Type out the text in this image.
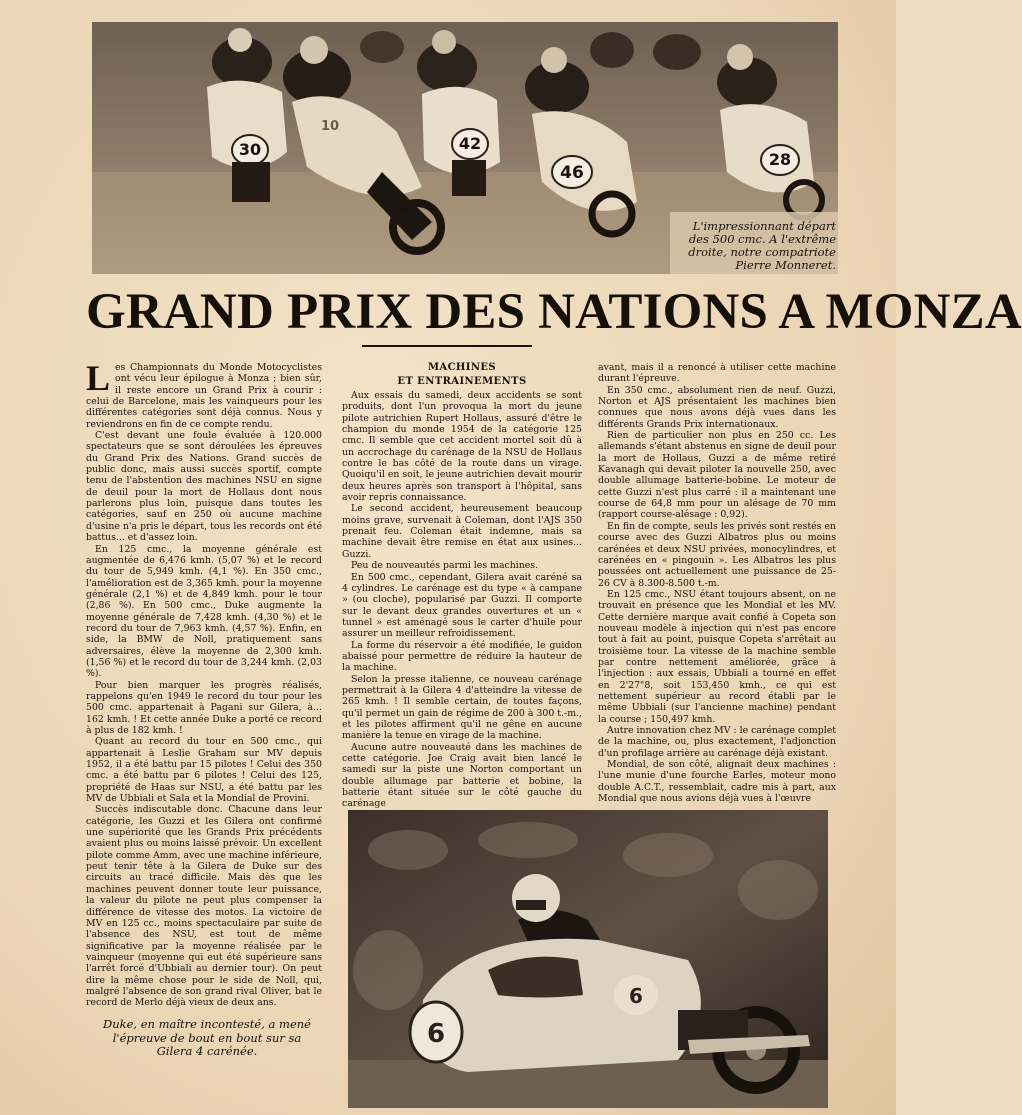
30
10
42
46
28
L'impressionnant départ des 500 cmc. A l'extrême droite, notre compatriote Pierre Monneret.
GRAND PRIX DES NATIONS A MONZA
L es Championnats du Monde Motocyclistes ont vécu leur épilogue à Monza ; bien sûr, il reste encore un Grand Prix à courir : celui de Barcelone, mais les vainqueurs pour les différentes catégories sont déjà connus. Nous y reviendrons en fin de ce compte rendu.

C'est devant une foule évaluée à 120.000 spectateurs que se sont déroulées les épreuves du Grand Prix des Nations. Grand succès de public donc, mais aussi succès sportif, compte tenu de l'abstention des machines NSU en signe de deuil pour la mort de Hollaus dont nous parlerons plus loin, puisque dans toutes les catégories, sauf en 250 où aucune machine d'usine n'a pris le départ, tous les records ont été battus... et d'assez loin.

En 125 cmc., la moyenne générale est augmentée de 6,476 kmh. (5,07 %) et le record du tour de 5,949 kmh. (4,1 %). En 350 cmc., l'amélioration est de 3,365 kmh. pour la moyenne générale (2,1 %) et de 4,849 kmh. pour le tour (2,86 %). En 500 cmc., Duke augmente la moyenne générale de 7,428 kmh. (4,30 %) et le record du tour de 7,963 kmh. (4,57 %). Enfin, en side, la BMW de Noll, pratiquement sans adversaires, élève la moyenne de 2,300 kmh. (1,56 %) et le record du tour de 3,244 kmh. (2,03 %).

Pour bien marquer les progrès réalisés, rappelons qu'en 1949 le record du tour pour les 500 cmc. appartenait à Pagani sur Gilera, à... 162 kmh. ! Et cette année Duke a porté ce record à plus de 182 kmh. !

Quant au record du tour en 500 cmc., qui appartenait à Leslie Graham sur MV depuis 1952, il a été battu par 15 pilotes ! Celui des 350 cmc. a été battu par 6 pilotes ! Celui des 125, propriété de Haas sur NSU, a été battu par les MV de Ubbiali et Sala et la Mondial de Provini.

Succès indiscutable donc. Chacune dans leur catégorie, les Guzzi et les Gilera ont confirmé une supériorité que les Grands Prix précédents avaient plus ou moins laissé prévoir. Un excellent pilote comme Amm, avec une machine inférieure, peut tenir tête à la Gilera de Duke sur des circuits au tracé difficile. Mais dès que les machines peuvent donner toute leur puissance, la valeur du pilote ne peut plus compenser la différence de vitesse des motos. La victoire de MV en 125 cc., moins spectaculaire par suite de l'absence des NSU, est tout de même significative par la moyenne réalisée par le vainqueur (moyenne qui eut été supérieure sans l'arrêt forcé d'Ubbiali au dernier tour). On peut dire la même chose pour le side de Noll, qui, malgré l'absence de son grand rival Oliver, bat le record de Merlo déjà vieux de deux ans.

MACHINES
ET ENTRAINEMENTS

Aux essais du samedi, deux accidents se sont produits, dont l'un provoqua la mort du jeune pilote autrichien Rupert Hollaus, assuré d'être le champion du monde 1954 de la catégorie 125 cmc. Il semble que cet accident mortel soit dû à un accrochage du carénage de la NSU de Hollaus contre le bas côté de la route dans un virage. Quoiqu'il en soit, le jeune autrichien devait mourir deux heures après son transport à l'hôpital, sans avoir repris connaissance.

Le second accident, heureusement beaucoup moins grave, survenait à Coleman, dont l'AJS 350 prenait feu. Coleman était indemne, mais sa machine devait être remise en état aux usines... Guzzi.

Peu de nouveautés parmi les machines.

En 500 cmc., cependant, Gilera avait caréné sa 4 cylindres. Le carénage est du type « à campane » (ou cloche), popularisé par Guzzi. Il comporte sur le devant deux grandes ouvertures et un « tunnel » est aménagé sous le carter d'huile pour assurer un meilleur refroidissement.

La forme du réservoir a été modifiée, le guidon abaissé pour permettre de réduire la hauteur de la machine.

Selon la presse italienne, ce nouveau carénage permettrait à la Gilera 4 d'atteindre la vitesse de 265 kmh. ! Il semble certain, de toutes façons, qu'il permet un gain de régime de 200 à 300 t.-m., et les pilotes affirment qu'il ne gêne en aucune manière la tenue en virage de la machine.

Aucune autre nouveauté dans les machines de cette catégorie. Joe Craig avait bien lancé le samedi sur la piste une Norton comportant un double allumage par batterie et bobine, la batterie étant située sur le côté gauche du carénage

avant, mais il a renoncé à utiliser cette machine durant l'épreuve.

En 350 cmc., absolument rien de neuf. Guzzi, Norton et AJS présentaient les machines bien connues que nous avons déjà vues dans les différents Grands Prix internationaux.

Rien de particulier non plus en 250 cc. Les allemands s'étant abstenus en signe de deuil pour la mort de Hollaus, Guzzi a de même retiré Kavanagh qui devait piloter la nouvelle 250, avec double allumage batterie-bobine. Le moteur de cette Guzzi n'est plus carré : il a maintenant une course de 64,8 mm pour un alésage de 70 mm (rapport course-alésage : 0,92).

En fin de compte, seuls les privés sont restés en course avec des Guzzi Albatros plus ou moins carénées et deux NSU privées, monocylindres, et carénées en « pingouin ». Les Albatros les plus poussées ont actuellement une puissance de 25-26 CV à 8.300-8.500 t.-m.

En 125 cmc., NSU étant toujours absent, on ne trouvait en présence que les Mondial et les MV. Cette dernière marque avait confié à Copeta son nouveau modèle à injection qui n'est pas encore tout à fait au point, puisque Copeta s'arrêtait au troisième tour. La vitesse de la machine semble par contre nettement améliorée, grâce à l'injection : aux essais, Ubbiali a tourné en effet en 2'27"8, soit 153,450 kmh., ce qui est nettement supérieur au record établi par le même Ubbiali (sur l'ancienne machine) pendant la course ; 150,497 kmh.

Autre innovation chez MV : le carénage complet de la machine, ou, plus exactement, l'adjonction d'un profilage arrière au carénage déjà existant.

Mondial, de son côté, alignait deux machines : l'une munie d'une fourche Earles, moteur mono double A.C.T., ressemblait, cadre mis à part, aux Mondial que nous avions déjà vues à l'œuvre

6
6
Duke, en maître incontesté, a mené l'épreuve de bout en bout sur sa Gilera 4 carénée.
